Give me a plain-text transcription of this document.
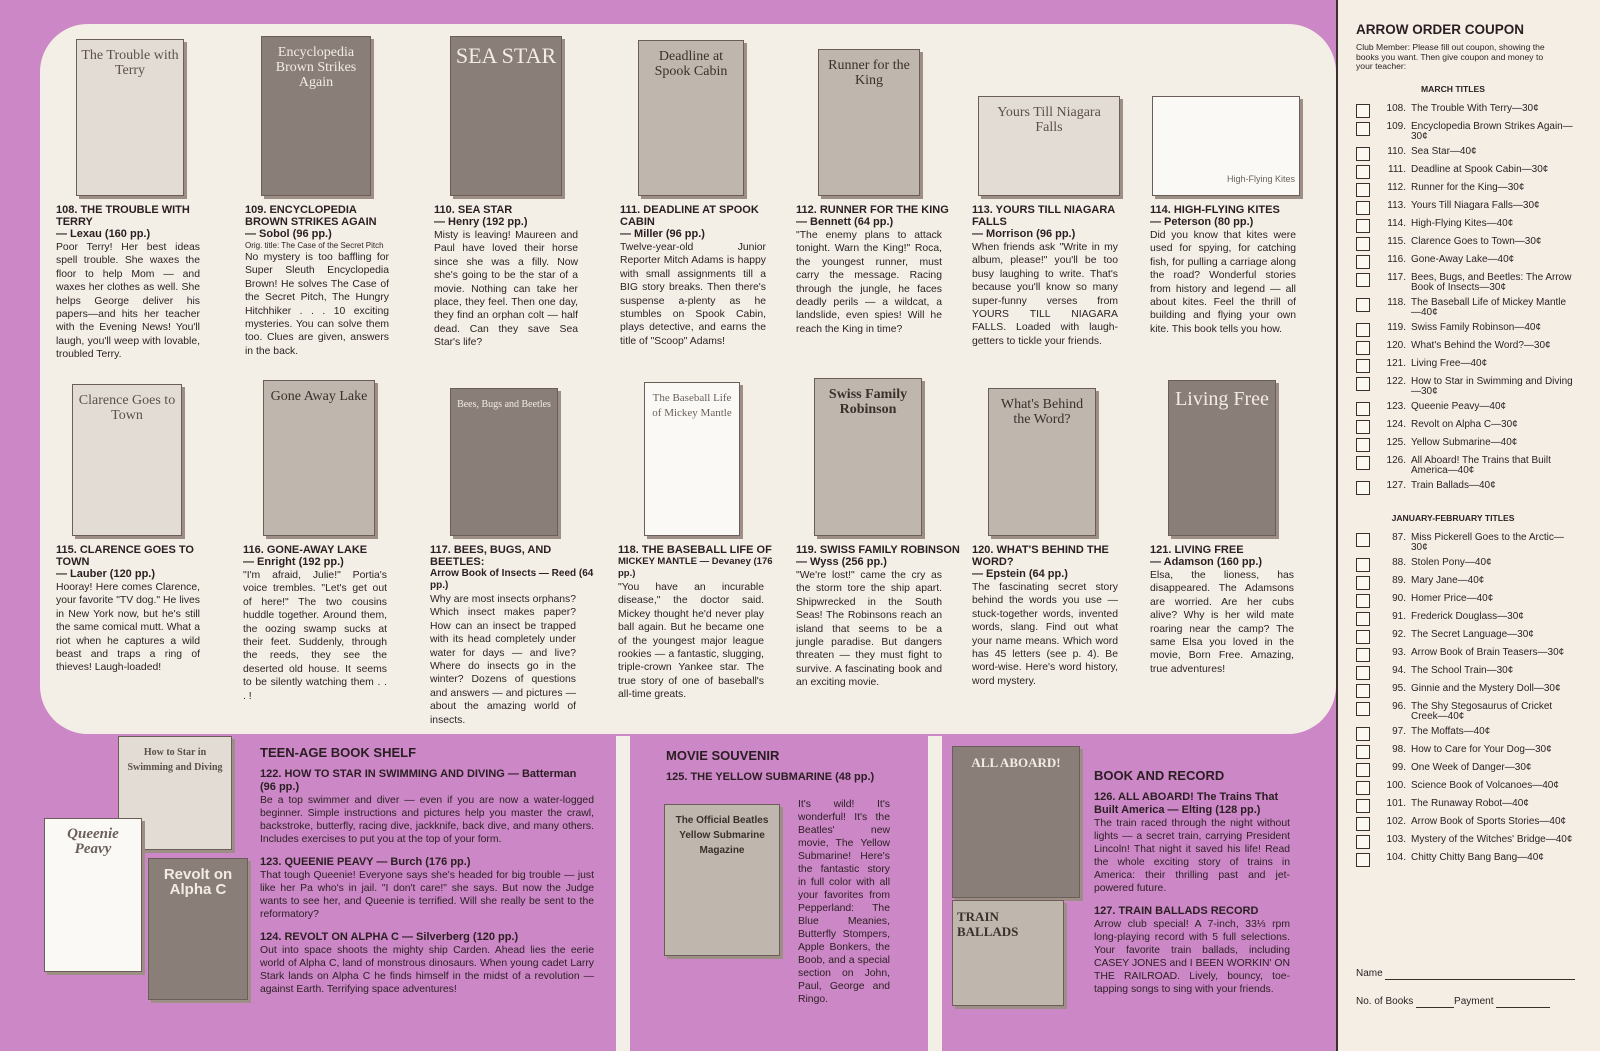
The Trouble with Terry

108. THE TROUBLE WITH TERRY

— Lexau (160 pp.)

Poor Terry! Her best ideas spell trouble. She waxes the floor to help Mom — and waxes her clothes as well. She helps George deliver his papers—and hits her teacher with the Evening News! You'll laugh, you'll weep with lovable, troubled Terry.

Encyclopedia Brown Strikes Again

109. ENCYCLOPEDIA BROWN STRIKES AGAIN

— Sobol (96 pp.)

Orig. title: The Case of the Secret Pitch

No mystery is too baffling for Super Sleuth Encyclopedia Brown! He solves The Case of the Secret Pitch, The Hungry Hitchhiker . . . 10 exciting mysteries. You can solve them too. Clues are given, answers in the back.

SEA STAR

110. SEA STAR

— Henry (192 pp.)

Misty is leaving! Maureen and Paul have loved their horse since she was a filly. Now she's going to be the star of a movie. Nothing can take her place, they feel. Then one day, they find an orphan colt — half dead. Can they save Sea Star's life?

Deadline at Spook Cabin

111. DEADLINE AT SPOOK CABIN

— Miller (96 pp.)

Twelve-year-old Junior Reporter Mitch Adams is happy with small assignments till a BIG story breaks. Then there's suspense a-plenty as he stumbles on Spook Cabin, plays detective, and earns the title of "Scoop" Adams!

Runner for the King

112. RUNNER FOR THE KING

— Bennett (64 pp.)

"The enemy plans to attack tonight. Warn the King!" Roca, the youngest runner, must carry the message. Racing through the jungle, he faces deadly perils — a wildcat, a landslide, even spies! Will he reach the King in time?

Yours Till Niagara Falls

113. YOURS TILL NIAGARA FALLS

— Morrison (96 pp.)

When friends ask "Write in my album, please!" you'll be too busy laughing to write. That's because you'll know so many super-funny verses from YOURS TILL NIAGARA FALLS. Loaded with laugh-getters to tickle your friends.

High-Flying Kites

114. HIGH-FLYING KITES

— Peterson (80 pp.)

Did you know that kites were used for spying, for catching fish, for pulling a carriage along the road? Wonderful stories from history and legend — all about kites. Feel the thrill of building and flying your own kite. This book tells you how.

Clarence Goes to Town

115. CLARENCE GOES TO TOWN

— Lauber (120 pp.)

Hooray! Here comes Clarence, your favorite "TV dog." He lives in New York now, but he's still the same comical mutt. What a riot when he captures a wild beast and traps a ring of thieves! Laugh-loaded!

Gone Away Lake

116. GONE-AWAY LAKE

— Enright (192 pp.)

"I'm afraid, Julie!" Portia's voice trembles. "Let's get out of here!" The two cousins huddle together. Around them, the oozing swamp sucks at their feet. Suddenly, through the reeds, they see the deserted old house. It seems to be silently watching them . . . !

Bees, Bugs and Beetles

117. BEES, BUGS, AND BEETLES:

Arrow Book of Insects — Reed (64 pp.)

Why are most insects orphans? Which insect makes paper? How can an insect be trapped with its head completely under water for days — and live? Where do insects go in the winter? Dozens of questions and answers — and pictures — about the amazing world of insects.

The Baseball Life of Mickey Mantle

118. THE BASEBALL LIFE OF

MICKEY MANTLE — Devaney (176 pp.)

"You have an incurable disease," the doctor said. Mickey thought he'd never play ball again. But he became one of the youngest major league rookies — a fantastic, slugging, triple-crown Yankee star. The true story of one of baseball's all-time greats.

Swiss Family Robinson

119. SWISS FAMILY ROBINSON

— Wyss (256 pp.)

"We're lost!" came the cry as the storm tore the ship apart. Shipwrecked in the South Seas! The Robinsons reach an island that seems to be a jungle paradise. But dangers threaten — they must fight to survive. A fascinating book and an exciting movie.

What's Behind the Word?

120. WHAT'S BEHIND THE WORD?

— Epstein (64 pp.)

The fascinating secret story behind the words you use — stuck-together words, invented words, slang. Find out what your name means. Which word has 45 letters (see p. 4). Be word-wise. Here's word history, word mystery.

Living Free

121. LIVING FREE

— Adamson (160 pp.)

Elsa, the lioness, has disappeared. The Adamsons are worried. Are her cubs alive? Why is her wild mate roaring near the camp? The same Elsa you loved in the movie, Born Free. Amazing, true adventures!

How to Star in Swimming and Diving
Queenie Peavy
Revolt on Alpha C

TEEN-AGE BOOK SHELF

122. HOW TO STAR IN SWIMMING AND DIVING — Batterman (96 pp.)

Be a top swimmer and diver — even if you are now a water-logged beginner. Simple instructions and pictures help you master the crawl, backstroke, butterfly, racing dive, jackknife, back dive, and many others. Includes exercises to put you at the top of your form.

123. QUEENIE PEAVY — Burch (176 pp.)

That tough Queenie! Everyone says she's headed for big trouble — just like her Pa who's in jail. "I don't care!" she says. But now the Judge wants to see her, and Queenie is terrified. Will she really be sent to the reformatory?

124. REVOLT ON ALPHA C — Silverberg (120 pp.)

Out into space shoots the mighty ship Carden. Ahead lies the eerie world of Alpha C, land of monstrous dinosaurs. When young cadet Larry Stark lands on Alpha C he finds himself in the midst of a revolution — against Earth. Terrifying space adventures!

MOVIE SOUVENIR

125. THE YELLOW SUBMARINE (48 pp.)

The Official Beatles Yellow Submarine Magazine

It's wild! It's wonderful! It's the Beatles' new movie, The Yellow Submarine! Here's the fantastic story in full color with all your favorites from Pepperland: The Blue Meanies, Butterfly Stompers, Apple Bonkers, the Boob, and a special section on John, Paul, George and Ringo.

ALL ABOARD!
TRAIN BALLADS

BOOK AND RECORD

126. ALL ABOARD! The Trains That Built America — Elting (128 pp.)

The train raced through the night without lights — a secret train, carrying President Lincoln! That night it saved his life! Read the whole exciting story of trains in America: their thrilling past and jet-powered future.

127. TRAIN BALLADS RECORD

Arrow club special! A 7-inch, 33⅓ rpm long-playing record with 5 full selections. Your favorite train ballads, including CASEY JONES and I BEEN WORKIN' ON THE RAILROAD. Lively, bouncy, toe-tapping songs to sing with your friends.

ARROW ORDER COUPON

Club Member: Please fill out coupon, showing the books you want. Then give coupon and money to your teacher:

MARCH TITLES

108. The Trouble With Terry—30¢
109. Encyclopedia Brown Strikes Again—30¢
110. Sea Star—40¢
111. Deadline at Spook Cabin—30¢
112. Runner for the King—30¢
113. Yours Till Niagara Falls—30¢
114. High-Flying Kites—40¢
115. Clarence Goes to Town—30¢
116. Gone-Away Lake—40¢
117. Bees, Bugs, and Beetles: The Arrow Book of Insects—30¢
118. The Baseball Life of Mickey Mantle—40¢
119. Swiss Family Robinson—40¢
120. What's Behind the Word?—30¢
121. Living Free—40¢
122. How to Star in Swimming and Diving—30¢
123. Queenie Peavy—40¢
124. Revolt on Alpha C—30¢
125. Yellow Submarine—40¢
126. All Aboard! The Trains that Built America—40¢
127. Train Ballads—40¢

JANUARY-FEBRUARY TITLES

87. Miss Pickerell Goes to the Arctic—30¢
88. Stolen Pony—40¢
89. Mary Jane—40¢
90. Homer Price—40¢
91. Frederick Douglass—30¢
92. The Secret Language—30¢
93. Arrow Book of Brain Teasers—30¢
94. The School Train—30¢
95. Ginnie and the Mystery Doll—30¢
96. The Shy Stegosaurus of Cricket Creek—40¢
97. The Moffats—40¢
98. How to Care for Your Dog—30¢
99. One Week of Danger—30¢
100. Science Book of Volcanoes—40¢
101. The Runaway Robot—40¢
102. Arrow Book of Sports Stories—40¢
103. Mystery of the Witches' Bridge—40¢
104. Chitty Chitty Bang Bang—40¢
Name
No. of Books	Payment
